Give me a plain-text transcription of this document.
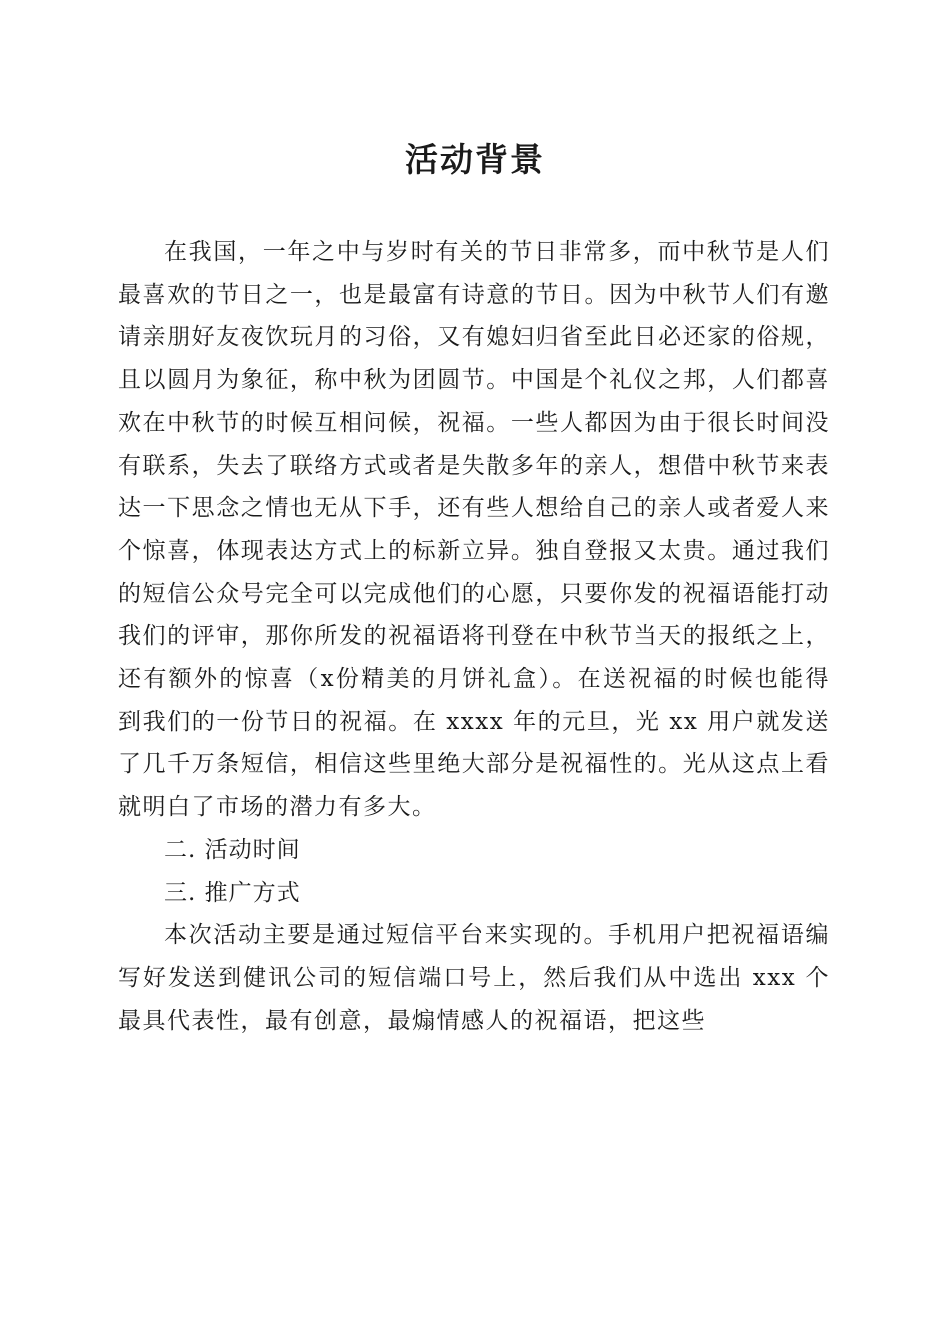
活动背景

在我国，一年之中与岁时有关的节日非常多，而中秋节是人们最喜欢的节日之一，也是最富有诗意的节日。因为中秋节人们有邀请亲朋好友夜饮玩月的习俗，又有媳妇归省至此日必还家的俗规，且以圆月为象征，称中秋为团圆节。中国是个礼仪之邦，人们都喜欢在中秋节的时候互相问候，祝福。一些人都因为由于很长时间没有联系，失去了联络方式或者是失散多年的亲人，想借中秋节来表达一下思念之情也无从下手，还有些人想给自己的亲人或者爱人来个惊喜，体现表达方式上的标新立异。独自登报又太贵。通过我们的短信公众号完全可以完成他们的心愿，只要你发的祝福语能打动我们的评审，那你所发的祝福语将刊登在中秋节当天的报纸之上，还有额外的惊喜（x份精美的月饼礼盒）。在送祝福的时候也能得到我们的一份节日的祝福。在 xxxx 年的元旦，光 xx 用户就发送了几千万条短信，相信这些里绝大部分是祝福性的。光从这点上看就明白了市场的潜力有多大。

二. 活动时间

三. 推广方式

本次活动主要是通过短信平台来实现的。手机用户把祝福语编写好发送到健讯公司的短信端口号上，然后我们从中选出 xxx 个最具代表性，最有创意，最煽情感人的祝福语，把这些
